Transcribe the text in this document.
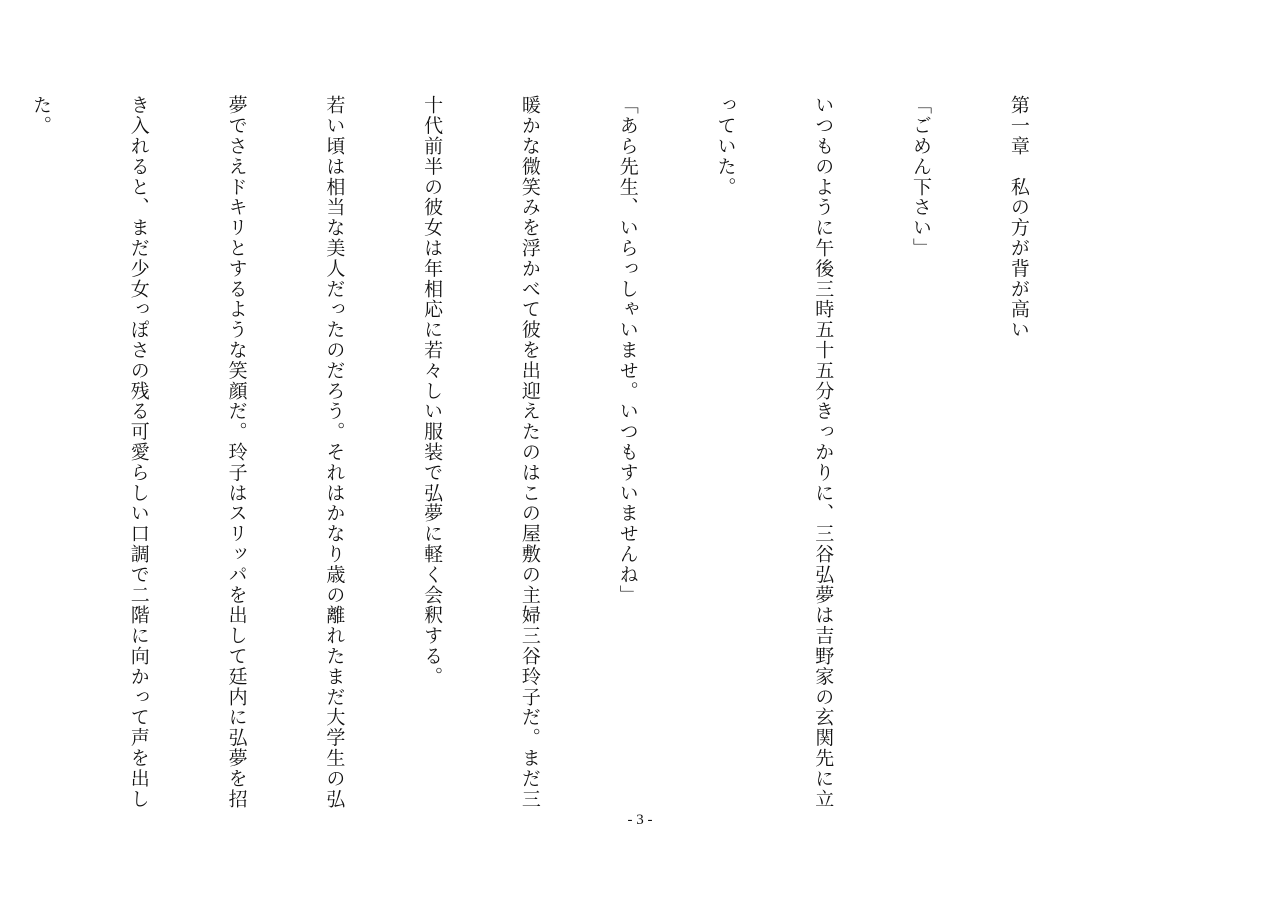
第一章　私の方が背が高い

「ごめん下さい」

いつものように午後三時五十五分きっかりに、三谷弘夢は吉野家の玄関先に立

っていた。

「あら先生、いらっしゃいませ。いつもすいませんね」

暖かな微笑みを浮かべて彼を出迎えたのはこの屋敷の主婦三谷玲子だ。まだ三

十代前半の彼女は年相応に若々しい服装で弘夢に軽く会釈する。

若い頃は相当な美人だったのだろう。それはかなり歳の離れたまだ大学生の弘

夢でさえドキリとするような笑顔だ。玲子はスリッパを出して廷内に弘夢を招

き入れると、まだ少女っぽさの残る可愛らしい口調で二階に向かって声を出し

た。

- 3 -
